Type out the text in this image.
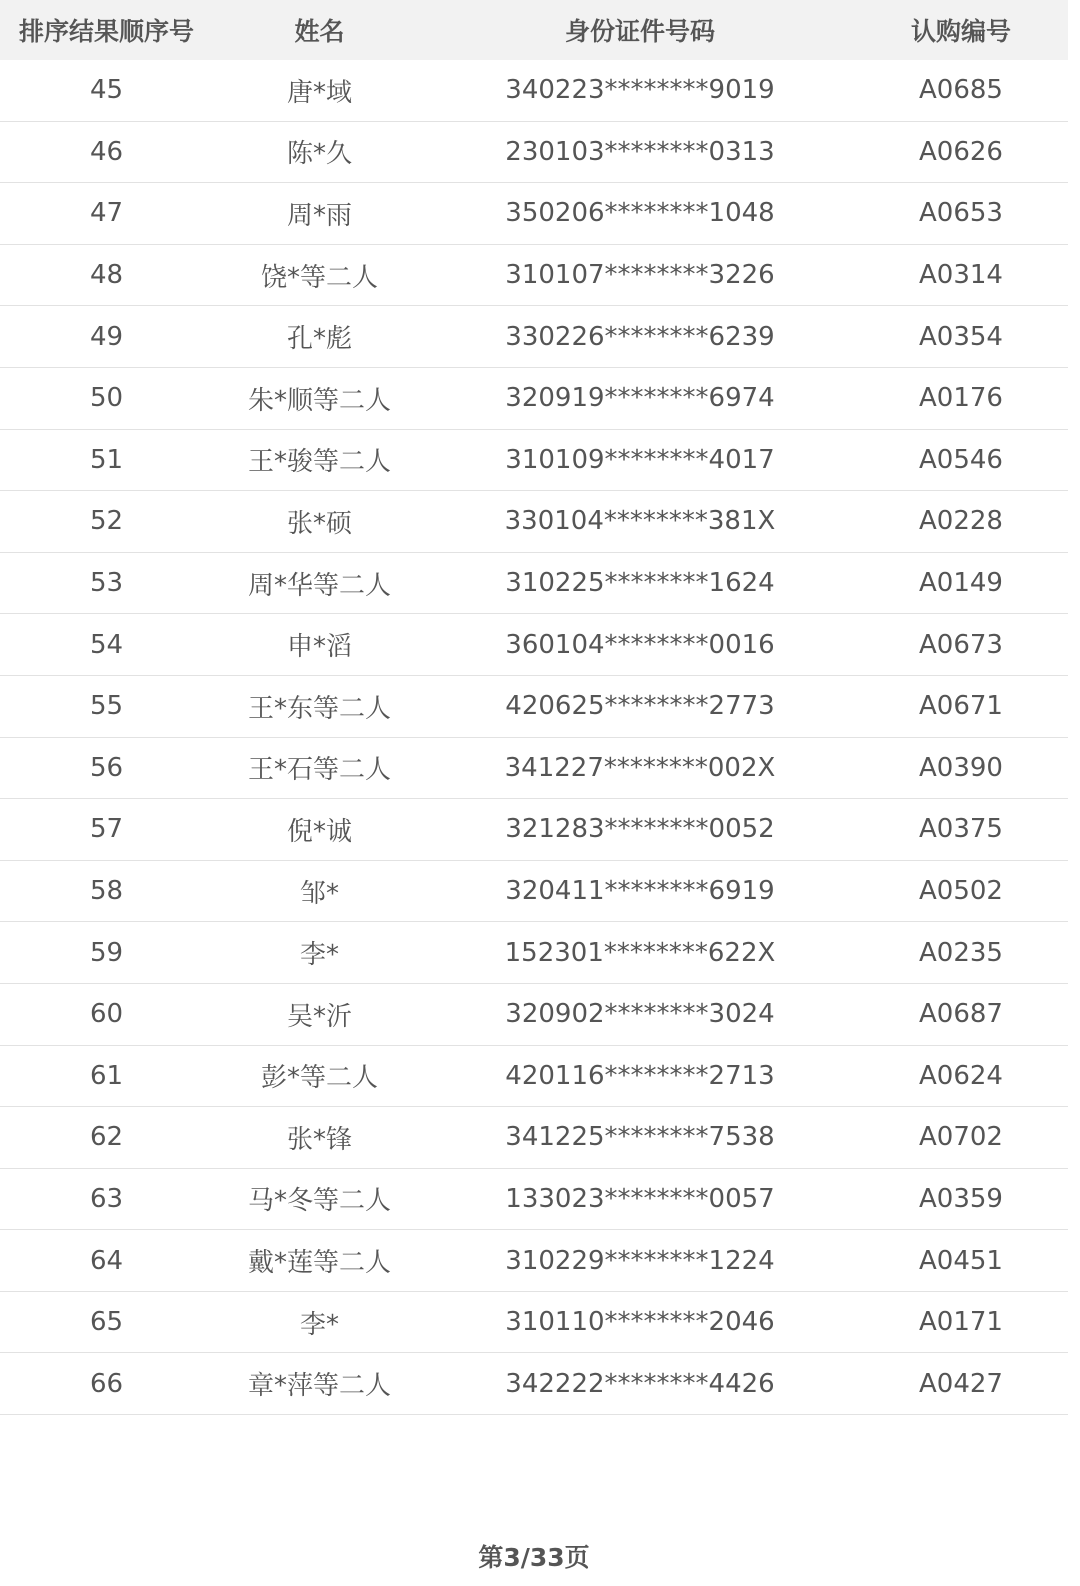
排序结果顺序号	姓名	身份证件号码	认购编号
45	唐*域	340223********9019	A0685
46	陈*久	230103********0313	A0626
47	周*雨	350206********1048	A0653
48	饶*等二人	310107********3226	A0314
49	孔*彪	330226********6239	A0354
50	朱*顺等二人	320919********6974	A0176
51	王*骏等二人	310109********4017	A0546
52	张*硕	330104********381X	A0228
53	周*华等二人	310225********1624	A0149
54	申*滔	360104********0016	A0673
55	王*东等二人	420625********2773	A0671
56	王*石等二人	341227********002X	A0390
57	倪*诚	321283********0052	A0375
58	邹*	320411********6919	A0502
59	李*	152301********622X	A0235
60	吴*沂	320902********3024	A0687
61	彭*等二人	420116********2713	A0624
62	张*锋	341225********7538	A0702
63	马*冬等二人	133023********0057	A0359
64	戴*莲等二人	310229********1224	A0451
65	李*	310110********2046	A0171
66	章*萍等二人	342222********4426	A0427
第3/33页
